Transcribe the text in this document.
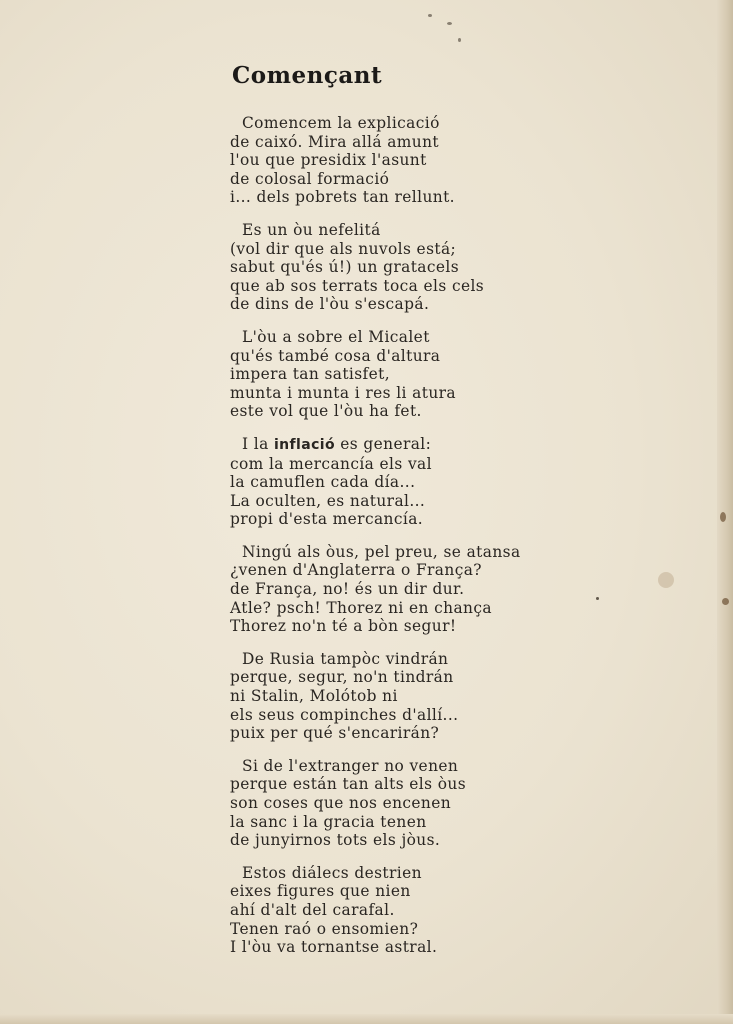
Començant
Comencem la explicació
de caixó. Mira allá amunt
l'ou que presidix l'asunt
de colosal formació
i... dels pobrets tan rellunt.
Es un òu nefelitá
(vol dir que als nuvols está;
sabut qu'és ú!) un gratacels
que ab sos terrats toca els cels
de dins de l'òu s'escapá.
L'òu a sobre el Micalet
qu'és també cosa d'altura
impera tan satisfet,
munta i munta i res li atura
este vol que l'òu ha fet.
I la inflació es general:
com la mercancía els val
la camuflen cada día...
La oculten, es natural...
propi d'esta mercancía.
Ningú als òus, pel preu, se atansa
¿venen d'Anglaterra o França?
de França, no! és un dir dur.
Atle? psch! Thorez ni en chança
Thorez no'n té a bòn segur!
De Rusia tampòc vindrán
perque, segur, no'n tindrán
ni Stalin, Molótob ni
els seus compinches d'allí...
puix per qué s'encarirán?
Si de l'extranger no venen
perque están tan alts els òus
son coses que nos encenen
la sanc i la gracia tenen
de junyirnos tots els jòus.
Estos diálecs destrien
eixes figures que nien
ahí d'alt del carafal.
Tenen raó o ensomien?
I l'òu va tornantse astral.
